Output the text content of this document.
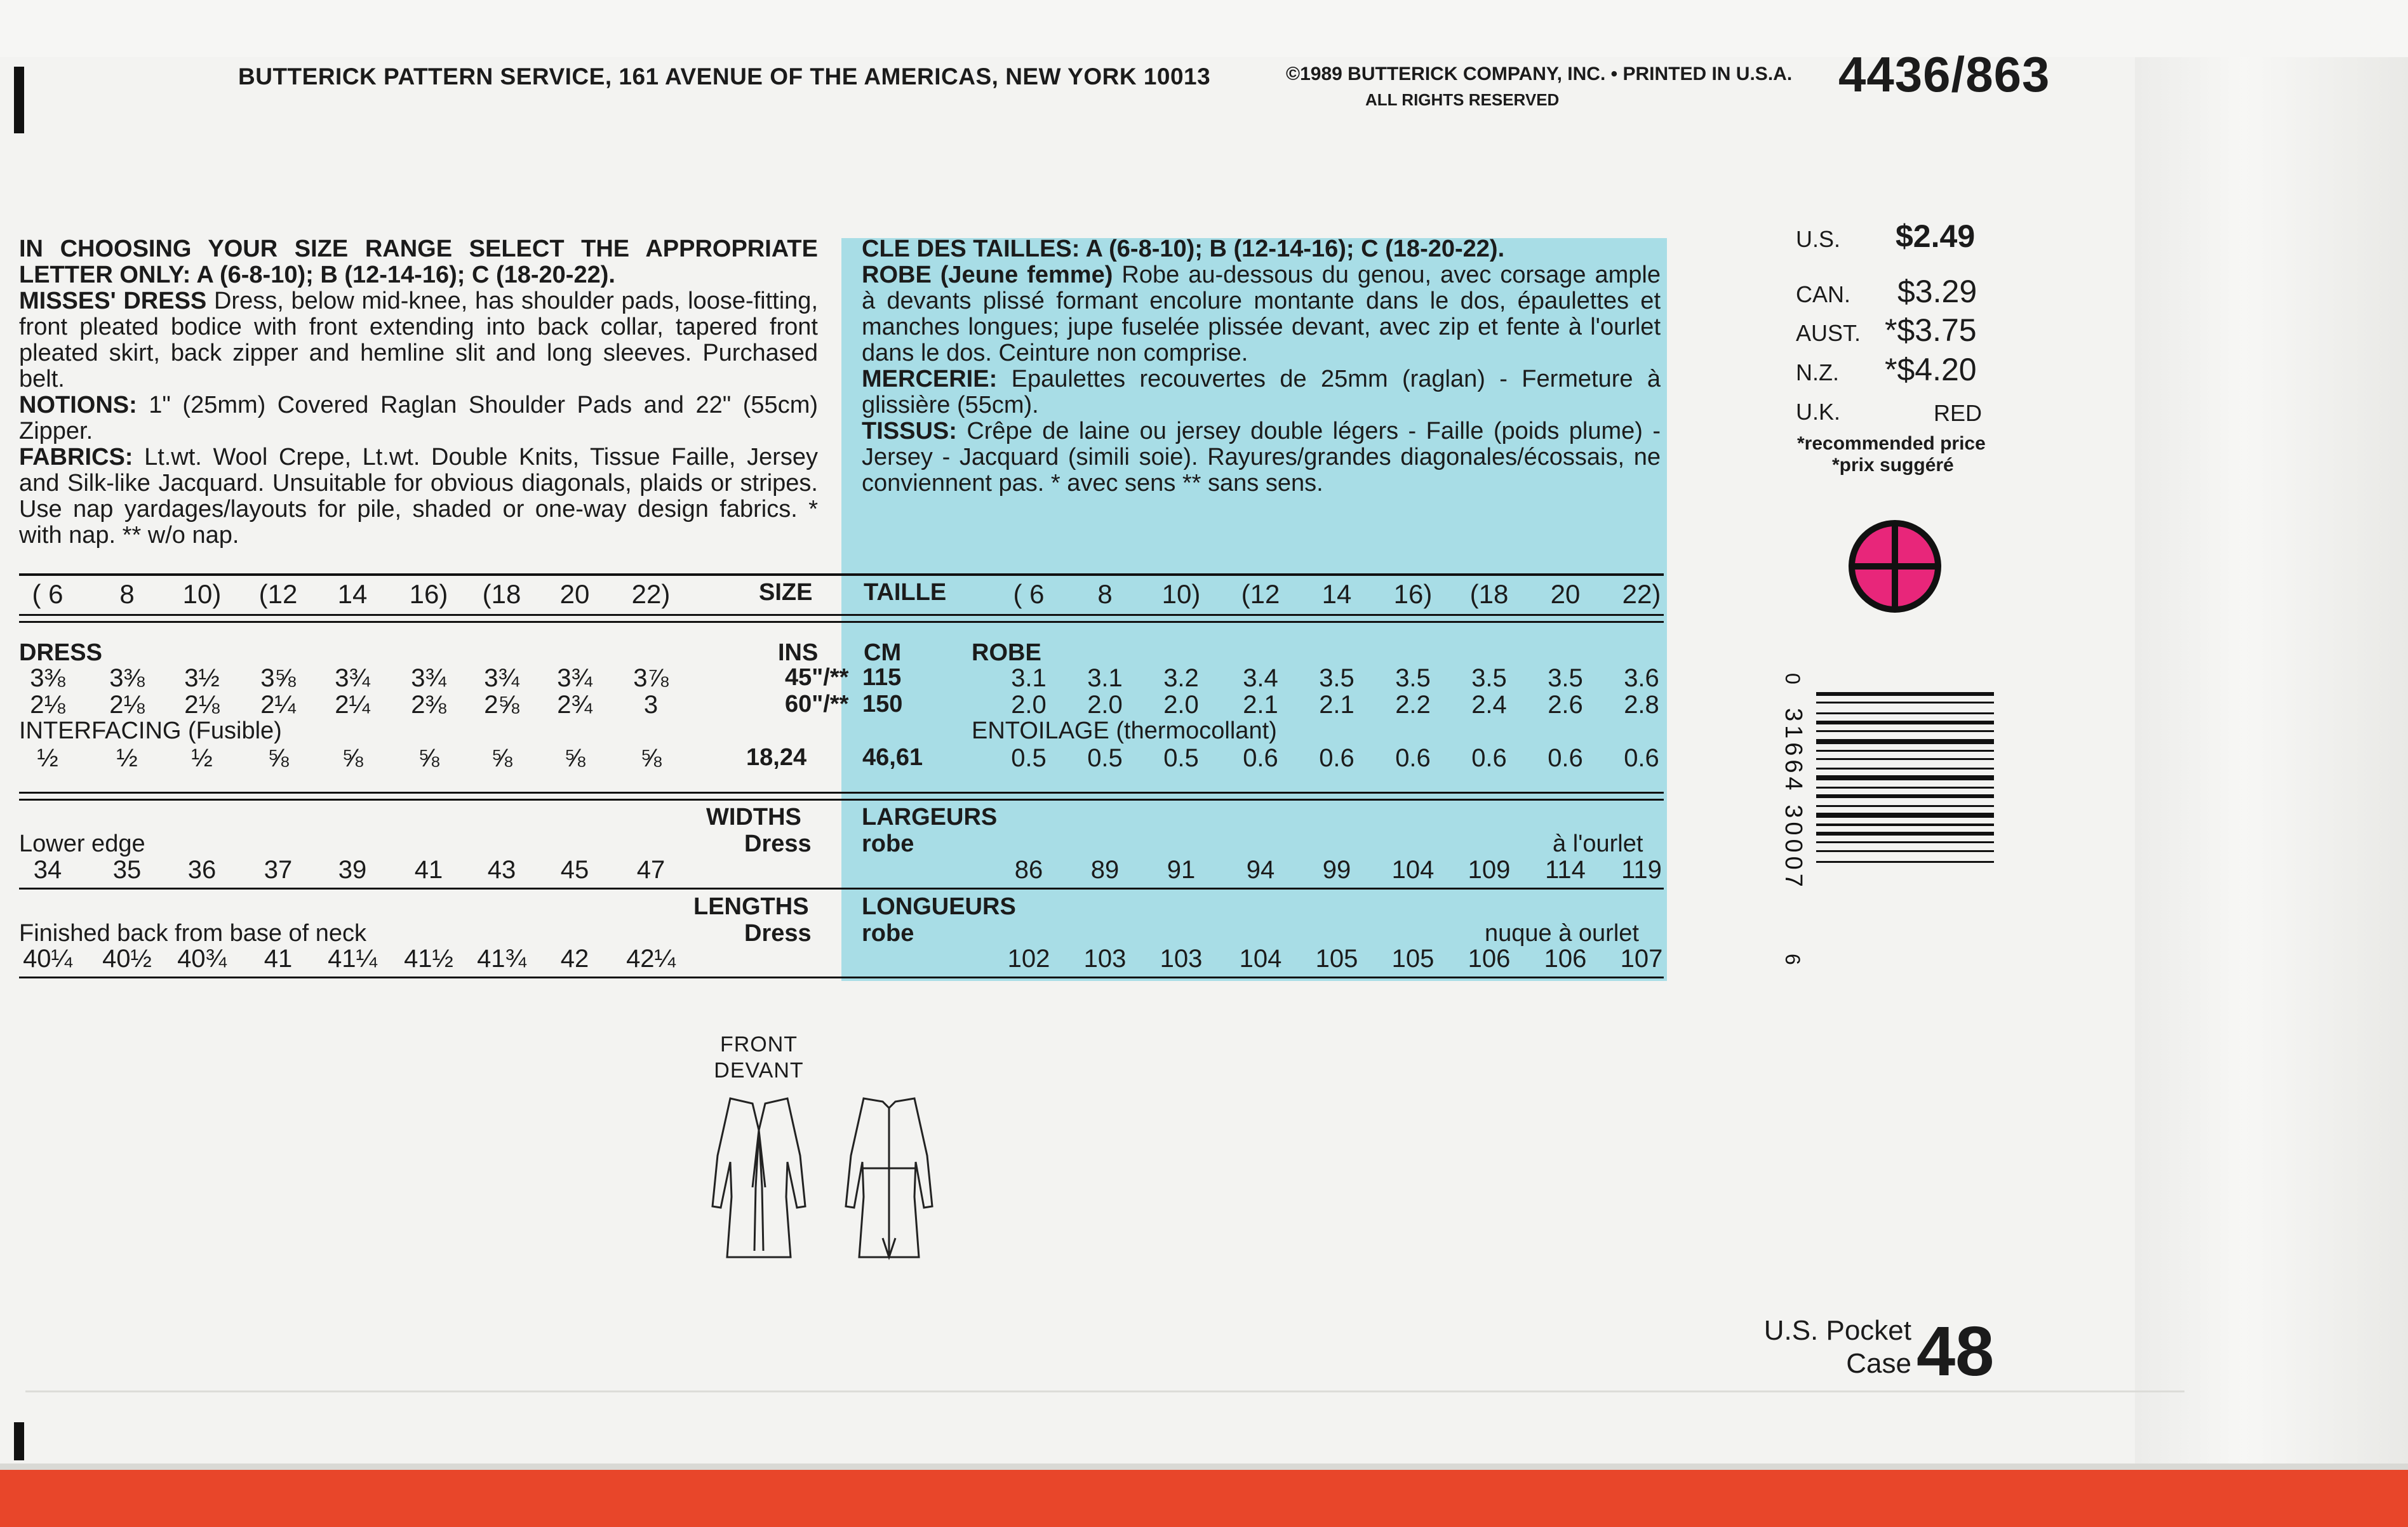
BUTTERICK PATTERN SERVICE, 161 AVENUE OF THE AMERICAS, NEW YORK 10013	©1989 BUTTERICK COMPANY, INC. • PRINTED IN U.S.A.
ALL RIGHTS RESERVED	4436/863
IN CHOOSING YOUR SIZE RANGE SELECT THE APPROPRIATE LETTER ONLY: A (6-8-10); B (12-14-16); C (18-20-22).
MISSES' DRESS Dress, below mid-knee, has shoulder pads, loose-fitting, front pleated bodice with front extending into back collar, tapered front pleated skirt, back zipper and hemline slit and long sleeves. Purchased belt.
NOTIONS: 1" (25mm) Covered Raglan Shoulder Pads and 22" (55cm) Zipper.
FABRICS: Lt.wt. Wool Crepe, Lt.wt. Double Knits, Tissue Faille, Jersey and Silk-like Jacquard. Unsuitable for obvious diagonals, plaids or stripes. Use nap yardages/layouts for pile, shaded or one-way design fabrics. * with nap. ** w/o nap.
CLE DES TAILLES: A (6-8-10); B (12-14-16); C (18-20-22).
ROBE (Jeune femme) Robe au-dessous du genou, avec corsage ample à devants plissé formant encolure montante dans le dos, épaulettes et manches longues; jupe fuselée plissée devant, avec zip et fente à l'ourlet dans le dos. Ceinture non comprise.
MERCERIE: Epaulettes recouvertes de 25mm (raglan) - Fermeture à glissière (55cm).
TISSUS: Crêpe de laine ou jersey double légers - Faille (poids plume) - Jersey - Jacquard (simili soie). Rayures/grandes diagonales/écossais, ne conviennent pas. * avec sens ** sans sens.
( 6	8	10)	(12	14	16)	(18	20	22)	SIZE TAILLE	( 6	8	10)	(12	14	16)	(18	20	22)
DRESS	INS CM	ROBE
3⅜	3⅜	3½	3⅝	3¾	3¾	3¾	3¾	3⅞	45"/** 115	3.1	3.1	3.2	3.4	3.5	3.5	3.5	3.5	3.6
2⅛	2⅛	2⅛	2¼	2¼	2⅜	2⅝	2¾	3	60"/** 150	2.0	2.0	2.0	2.1	2.1	2.2	2.4	2.6	2.8
INTERFACING (Fusible)	ENTOILAGE (thermocollant)
½	½	½	⅝	⅝	⅝	⅝	⅝	⅝	18,24 46,61	0.5	0.5	0.5	0.6	0.6	0.6	0.6	0.6	0.6
WIDTHS
Dress
LARGEURS
robe
Lower edge	à l'ourlet
34	35	36	37	39	41	43	45	47	86	89	91	94	99	104	109	114	119
LENGTHS
Dress
LONGUEURS
robe
Finished back from base of neck	nuque à ourlet
40¼	40½	40¾	41	41¼	41½ 41¾	42	42¼	102	103	103	104	105	105	106	106	107
U.S. $2.49
CAN. $3.29
AUST. *$3.75
N.Z. *$4.20
U.K.	RED
*recommended price
*prix suggéré
0
31664 30007
6
FRONT
DEVANT
U.S. Pocket Case 48
